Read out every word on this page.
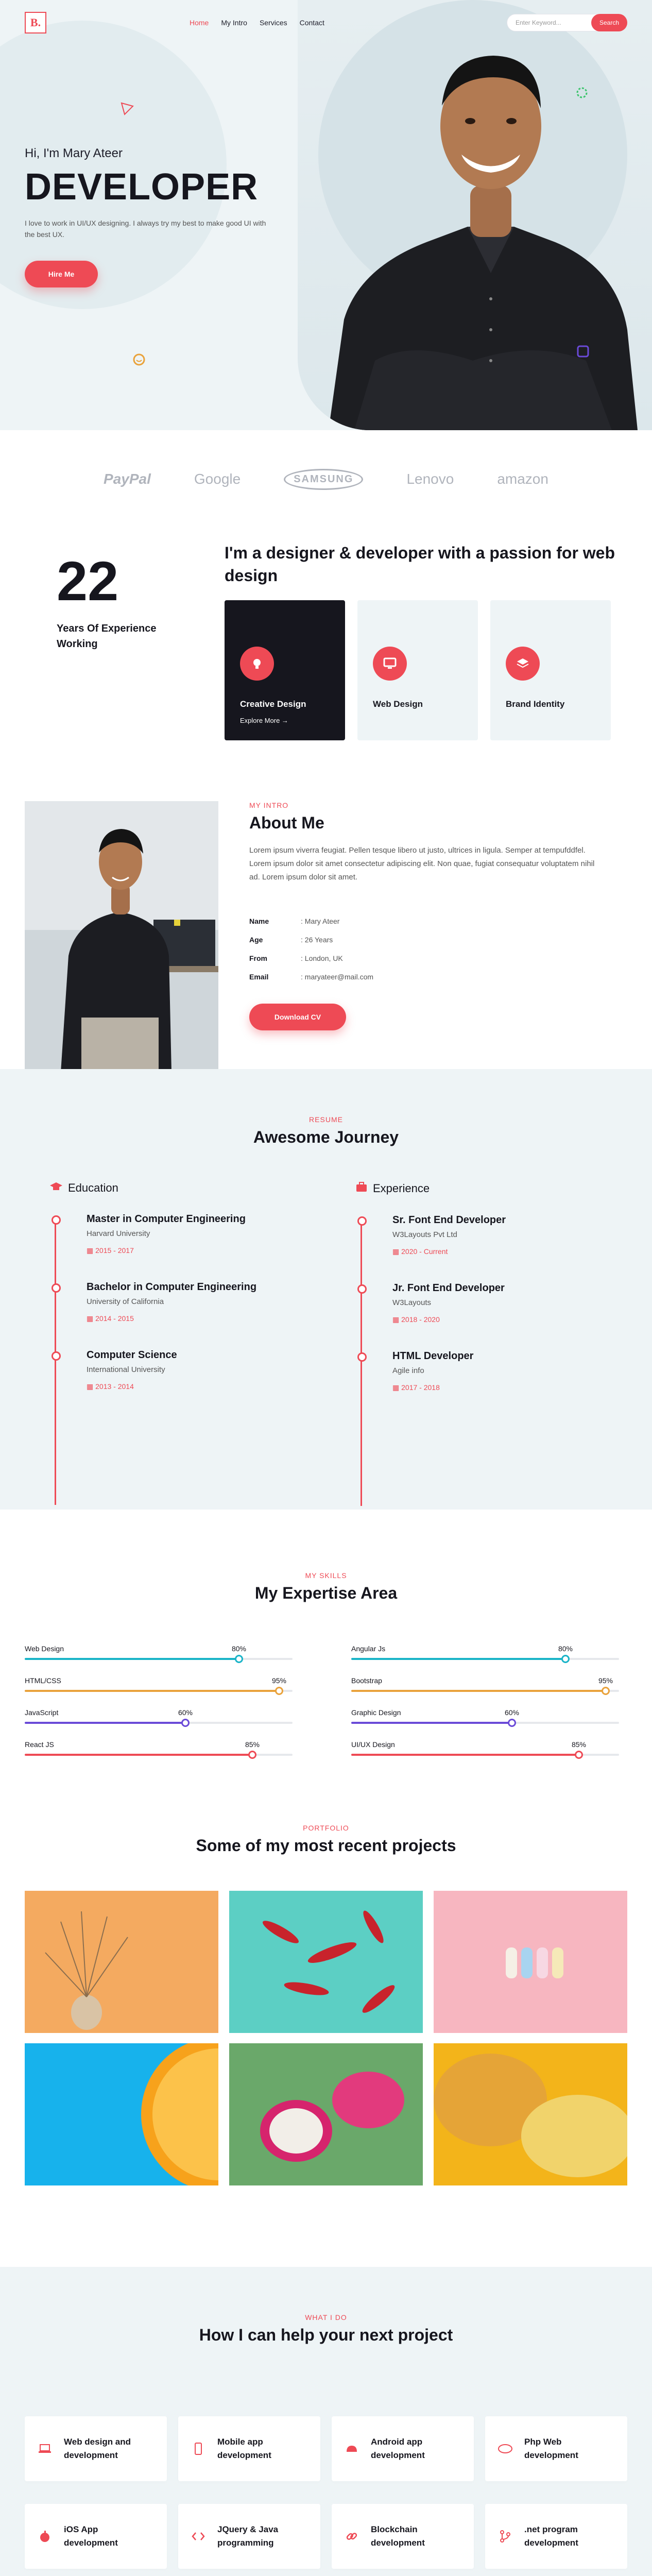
B.	Home My Intro Services Contact	Enter Keyword...	Search
Hi, I'm Mary Ateer
DEVELOPER
I love to work in UI/UX designing. I always try my best to make good UI with the best UX.
Hire Me
PayPal	Google	SAMSUNG	Lenovo	amazon
22
Years Of Experience Working
I'm a designer & developer with a passion for web design
Creative Design
Explore More →
Web Design	Brand Identity
MY INTRO
About Me
Lorem ipsum viverra feugiat. Pellen tesque libero ut justo, ultrices in ligula. Semper at tempufddfel. Lorem ipsum dolor sit amet consectetur adipiscing elit. Non quae, fugiat consequatur voluptatem nihil ad. Lorem ipsum dolor sit amet.
Name	: Mary Ateer
Age	: 26 Years
From	: London, UK
Email	: maryateer@mail.com
Download CV
RESUME
Awesome Journey
Education
Master in Computer Engineering
Harvard University
▦ 2015 - 2017
Bachelor in Computer Engineering
University of California
▦ 2014 - 2015
Computer Science
International University
▦ 2013 - 2014
Experience
Sr. Font End Developer
W3Layouts Pvt Ltd
▦ 2020 - Current
Jr. Font End Developer
W3Layouts
▦ 2018 - 2020
HTML Developer
Agile info
▦ 2017 - 2018
MY SKILLS
My Expertise Area
Web Design	80%	Angular Js	80%
HTML/CSS	95%	Bootstrap	95%
JavaScript	60%	Graphic Design	60%
React JS	85%	UI/UX Design	85%
PORTFOLIO
Some of my most recent projects
WHAT I DO
How I can help your next project
Web design and development
Mobile app development
Android app development
Php Web development
iOS App development
JQuery & Java programming
Blockchain development
.net program development
